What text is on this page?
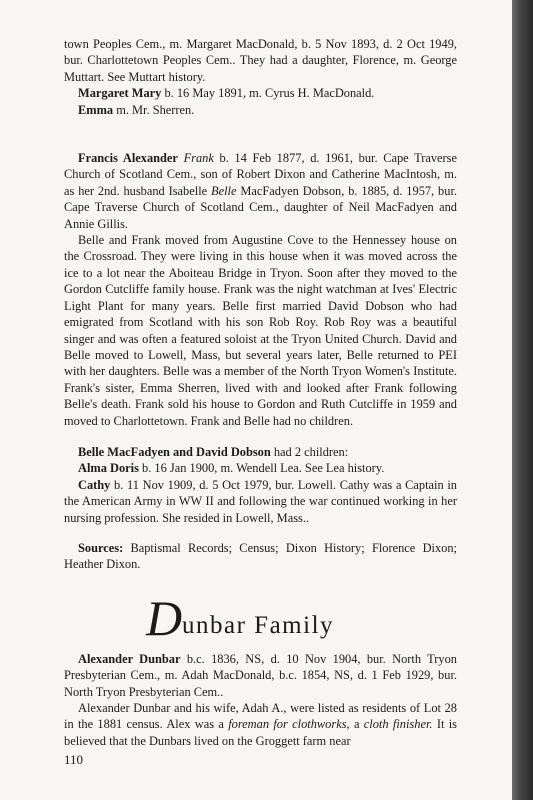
town Peoples Cem., m. Margaret MacDonald, b. 5 Nov 1893, d. 2 Oct 1949, bur. Charlottetown Peoples Cem.. They had a daughter, Florence, m. George Muttart. See Muttart history.

Margaret Mary b. 16 May 1891, m. Cyrus H. MacDonald.

Emma m. Mr. Sherren.

Francis Alexander Frank b. 14 Feb 1877, d. 1961, bur. Cape Traverse Church of Scotland Cem., son of Robert Dixon and Catherine MacIntosh, m. as her 2nd. husband Isabelle Belle MacFadyen Dobson, b. 1885, d. 1957, bur. Cape Traverse Church of Scotland Cem., daughter of Neil MacFadyen and Annie Gillis.

Belle and Frank moved from Augustine Cove to the Hennessey house on the Crossroad. They were living in this house when it was moved across the ice to a lot near the Aboiteau Bridge in Tryon. Soon after they moved to the Gordon Cutcliffe family house. Frank was the night watchman at Ives' Electric Light Plant for many years. Belle first married David Dobson who had emigrated from Scotland with his son Rob Roy. Rob Roy was a beautiful singer and was often a featured soloist at the Tryon United Church. David and Belle moved to Lowell, Mass, but several years later, Belle returned to PEI with her daughters. Belle was a member of the North Tryon Women's Institute. Frank's sister, Emma Sherren, lived with and looked after Frank following Belle's death. Frank sold his house to Gordon and Ruth Cutcliffe in 1959 and moved to Charlottetown. Frank and Belle had no children.

Belle MacFadyen and David Dobson had 2 children:

Alma Doris b. 16 Jan 1900, m. Wendell Lea. See Lea history.

Cathy b. 11 Nov 1909, d. 5 Oct 1979, bur. Lowell. Cathy was a Captain in the American Army in WW II and following the war continued working in her nursing profession. She resided in Lowell, Mass..

Sources: Baptismal Records; Census; Dixon History; Florence Dixon; Heather Dixon.

D unbar Family

Alexander Dunbar b.c. 1836, NS, d. 10 Nov 1904, bur. North Tryon Presbyterian Cem., m. Adah MacDonald, b.c. 1854, NS, d. 1 Feb 1929, bur. North Tryon Presbyterian Cem..

Alexander Dunbar and his wife, Adah A., were listed as residents of Lot 28 in the 1881 census. Alex was a foreman for clothworks, a cloth finisher. It is believed that the Dunbars lived on the Groggett farm near

110
